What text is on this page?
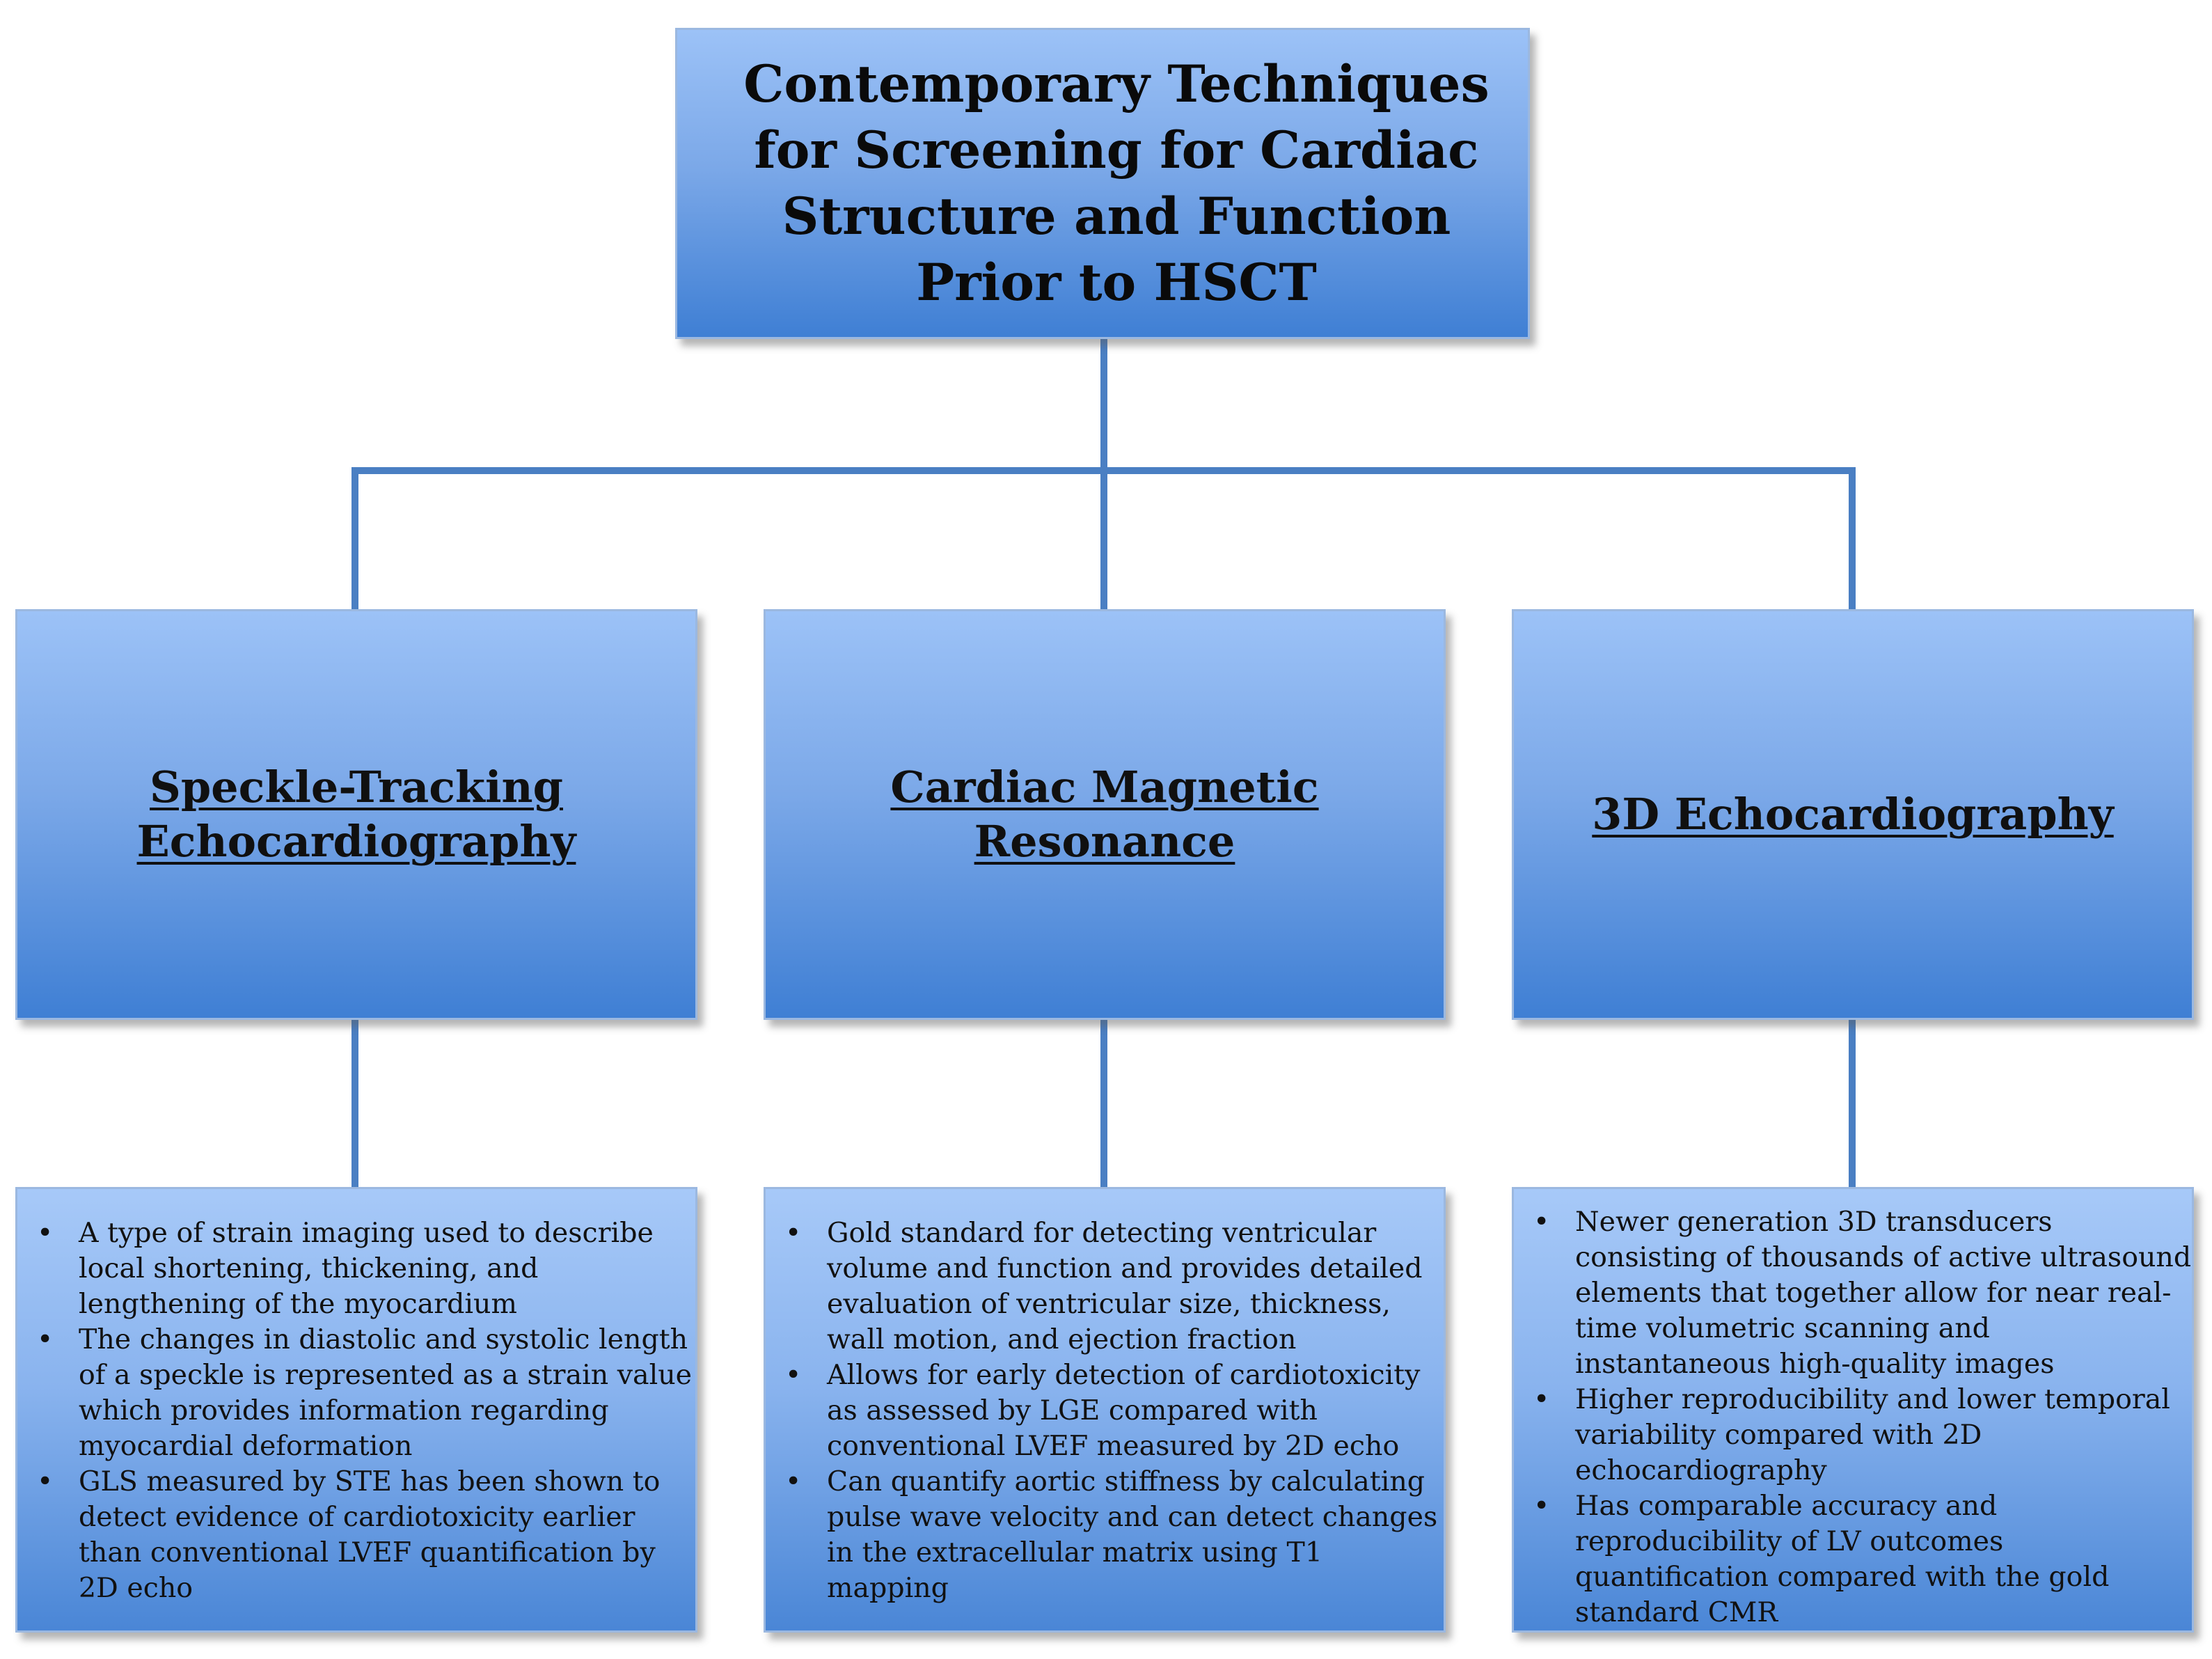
Contemporary Techniques
for Screening for Cardiac
Structure and Function
Prior to HSCT
Speckle-Tracking
Echocardiography
Cardiac Magnetic Resonance
3D Echocardiography
• A type of strain imaging used to describe local shortening, thickening, and lengthening of the myocardium
• The changes in diastolic and systolic length of a speckle is represented as a strain value which provides information regarding myocardial deformation
• GLS measured by STE has been shown to detect evidence of cardiotoxicity earlier than conventional LVEF quantification by 2D echo
• Gold standard for detecting ventricular volume and function and provides detailed evaluation of ventricular size, thickness, wall motion, and ejection fraction
• Allows for early detection of cardiotoxicity as assessed by LGE compared with conventional LVEF measured by 2D echo
• Can quantify aortic stiffness by calculating pulse wave velocity and can detect changes in the extracellular matrix using T1 mapping
• Newer generation 3D transducers consisting of thousands of active ultrasound elements that together allow for near real-time volumetric scanning and instantaneous high-quality images
• Higher reproducibility and lower temporal variability compared with 2D echocardiography
• Has comparable accuracy and reproducibility of LV outcomes quantification compared with the gold standard CMR
